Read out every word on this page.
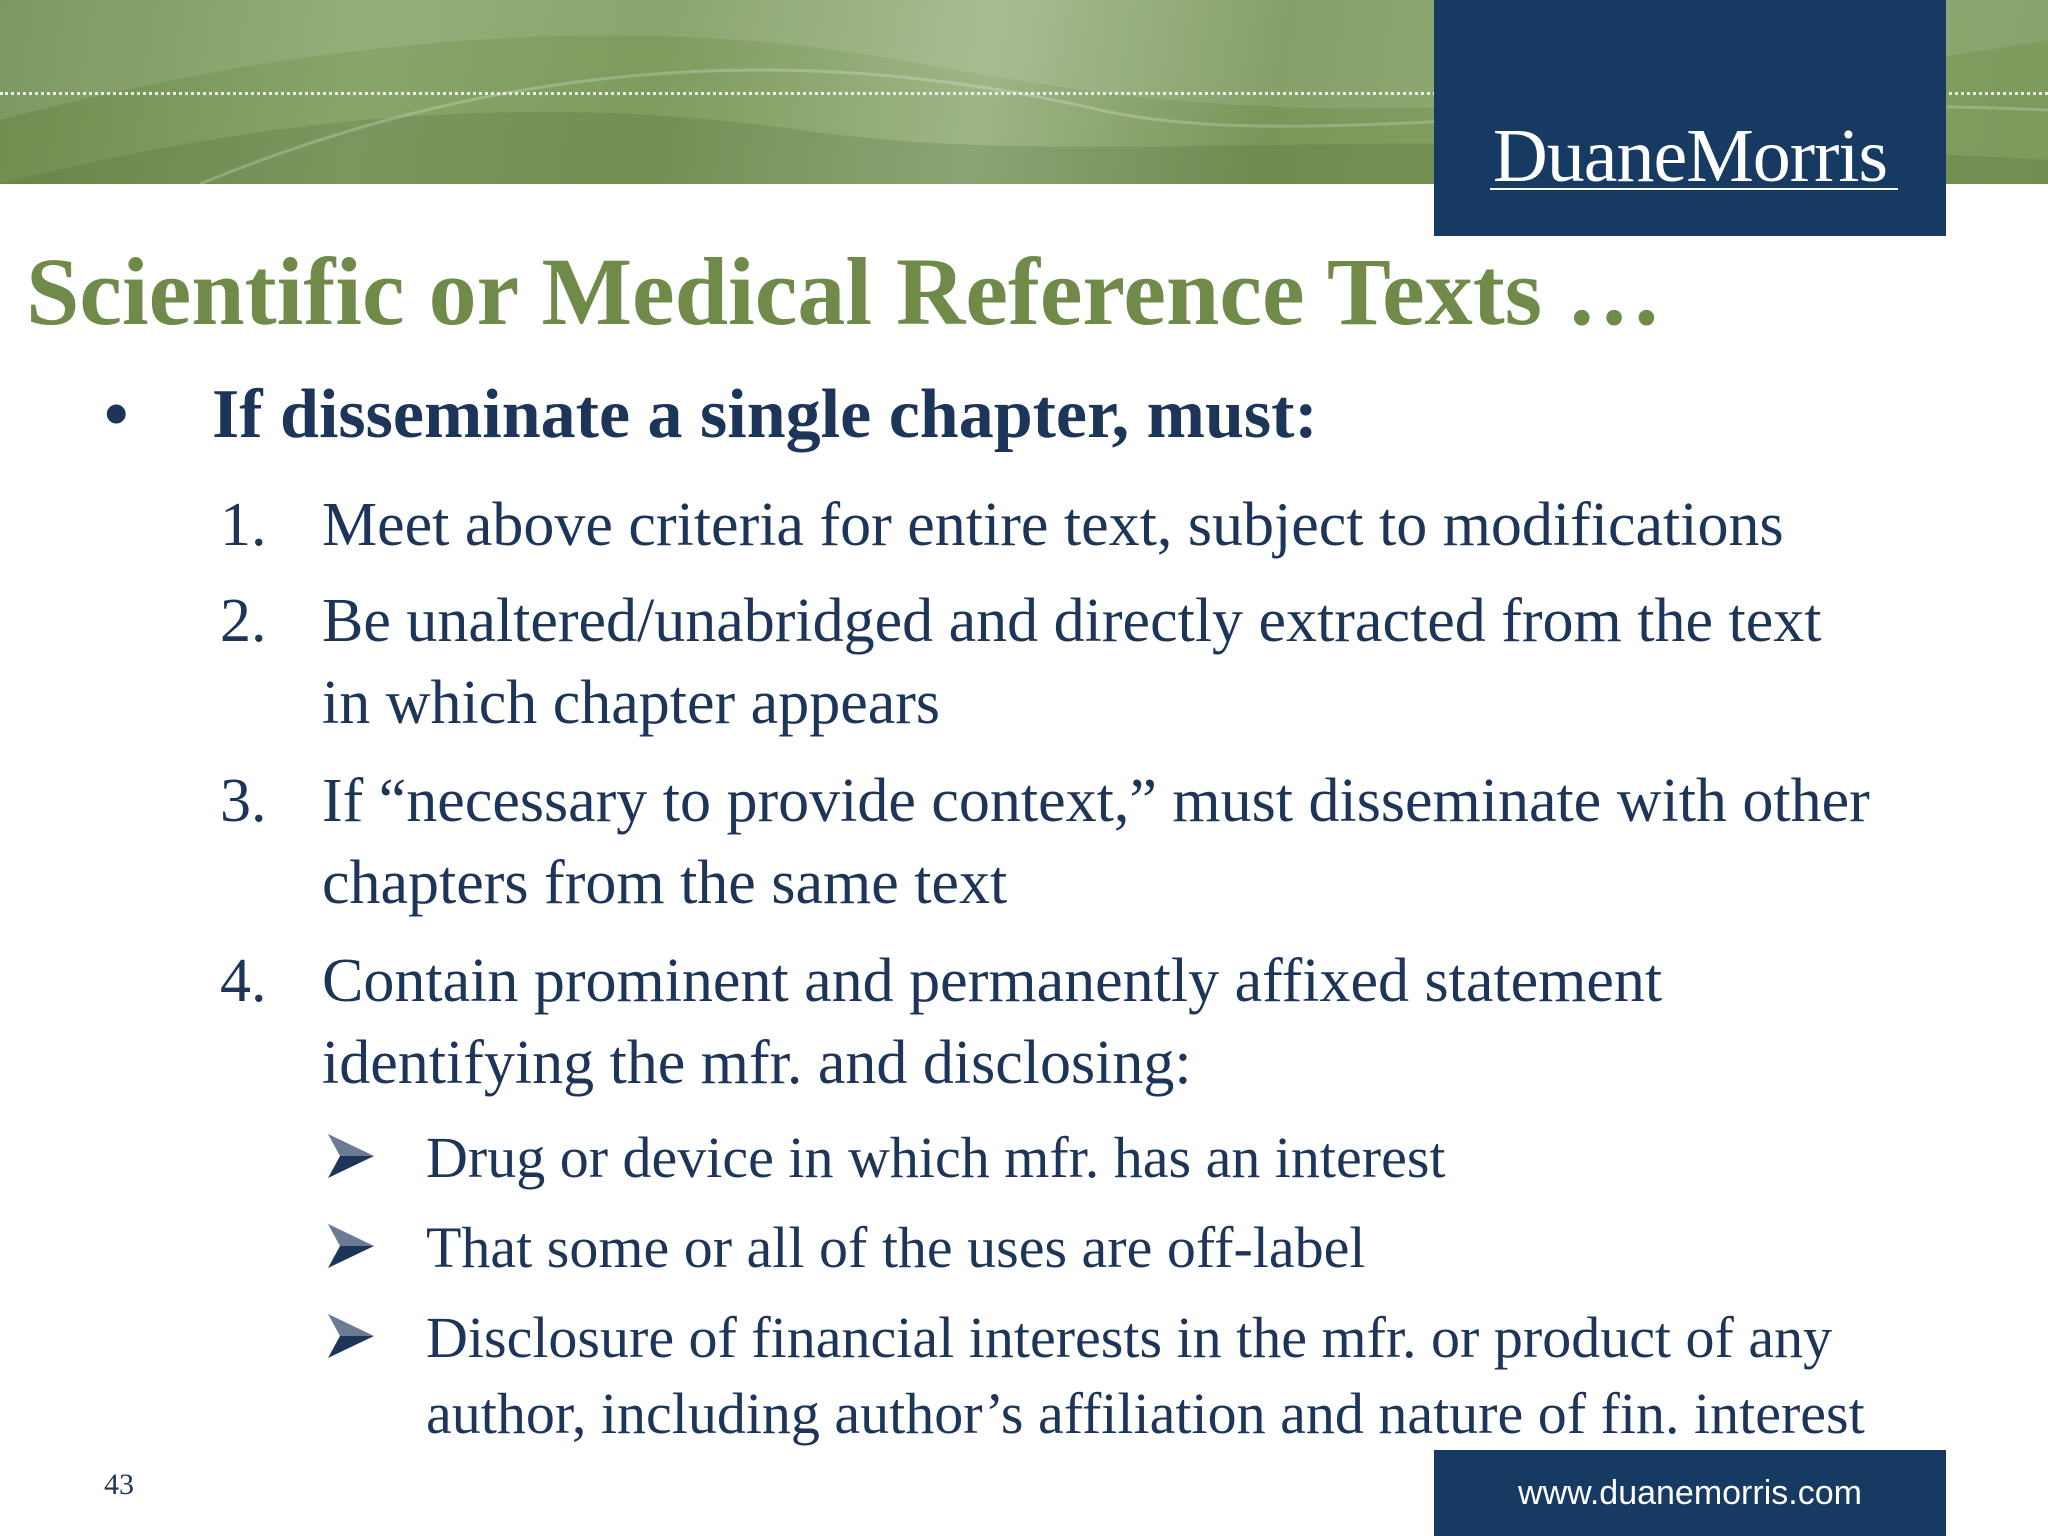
DuaneMorris
Scientific or Medical Reference Texts …
• If disseminate a single chapter, must:
1. Meet above criteria for entire text, subject to modifications
2. Be unaltered/unabridged and directly extracted from the text
in which chapter appears
3. If “necessary to provide context,” must disseminate with other
chapters from the same text
4. Contain prominent and permanently affixed statement
identifying the mfr. and disclosing:
Drug or device in which mfr. has an interest
That some or all of the uses are off-label
Disclosure of financial interests in the mfr. or product of any
author, including author’s affiliation and nature of fin. interest
43	www.duanemorris.com
